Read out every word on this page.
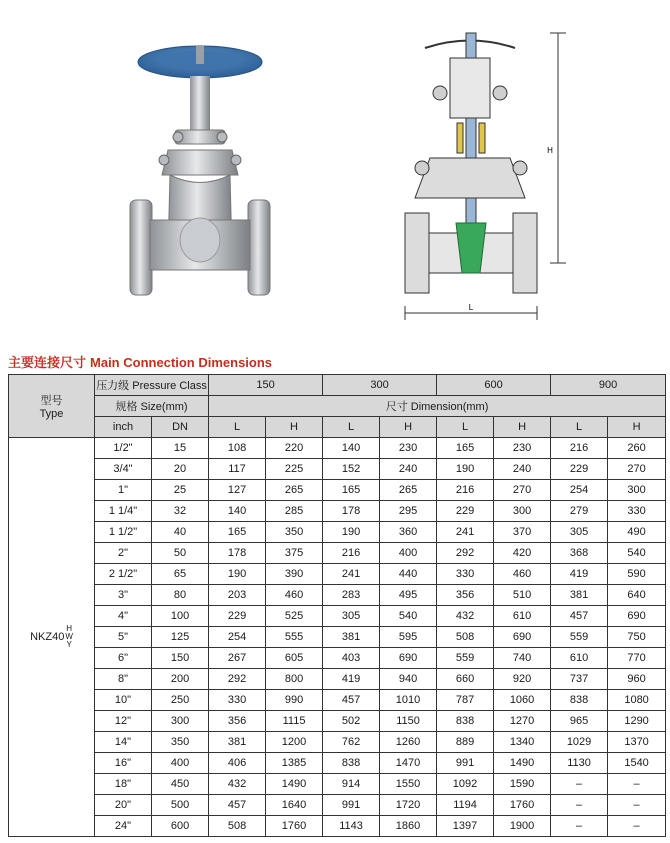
L
H
主要连接尺寸 Main Connection Dimensions
型号
Type	压力级 Pressure Class		150		300		600		900	
	规格 Size(mm)		尺寸 Dimension(mm)							
	inch	DN	L	H	L	H	L	H	L	H

NKZ40
H
W
Y	1/2"	15	108	220	140	230	165	230	216	260
	3/4"	20	117	225	152	240	190	240	229	270
	1"	25	127	265	165	265	216	270	254	300
	1 1/4"	32	140	285	178	295	229	300	279	330
	1 1/2"	40	165	350	190	360	241	370	305	490
	2"	50	178	375	216	400	292	420	368	540
	2 1/2"	65	190	390	241	440	330	460	419	590
	3"	80	203	460	283	495	356	510	381	640
	4"	100	229	525	305	540	432	610	457	690
	5"	125	254	555	381	595	508	690	559	750
	6"	150	267	605	403	690	559	740	610	770
	8"	200	292	800	419	940	660	920	737	960
	10"	250	330	990	457	1010	787	1060	838	1080
	12"	300	356	1115	502	1150	838	1270	965	1290
	14"	350	381	1200	762	1260	889	1340	1029	1370
	16"	400	406	1385	838	1470	991	1490	1130	1540
	18"	450	432	1490	914	1550	1092	1590	–	–
	20"	500	457	1640	991	1720	1194	1760	–	–
	24"	600	508	1760	1143	1860	1397	1900	–	–
